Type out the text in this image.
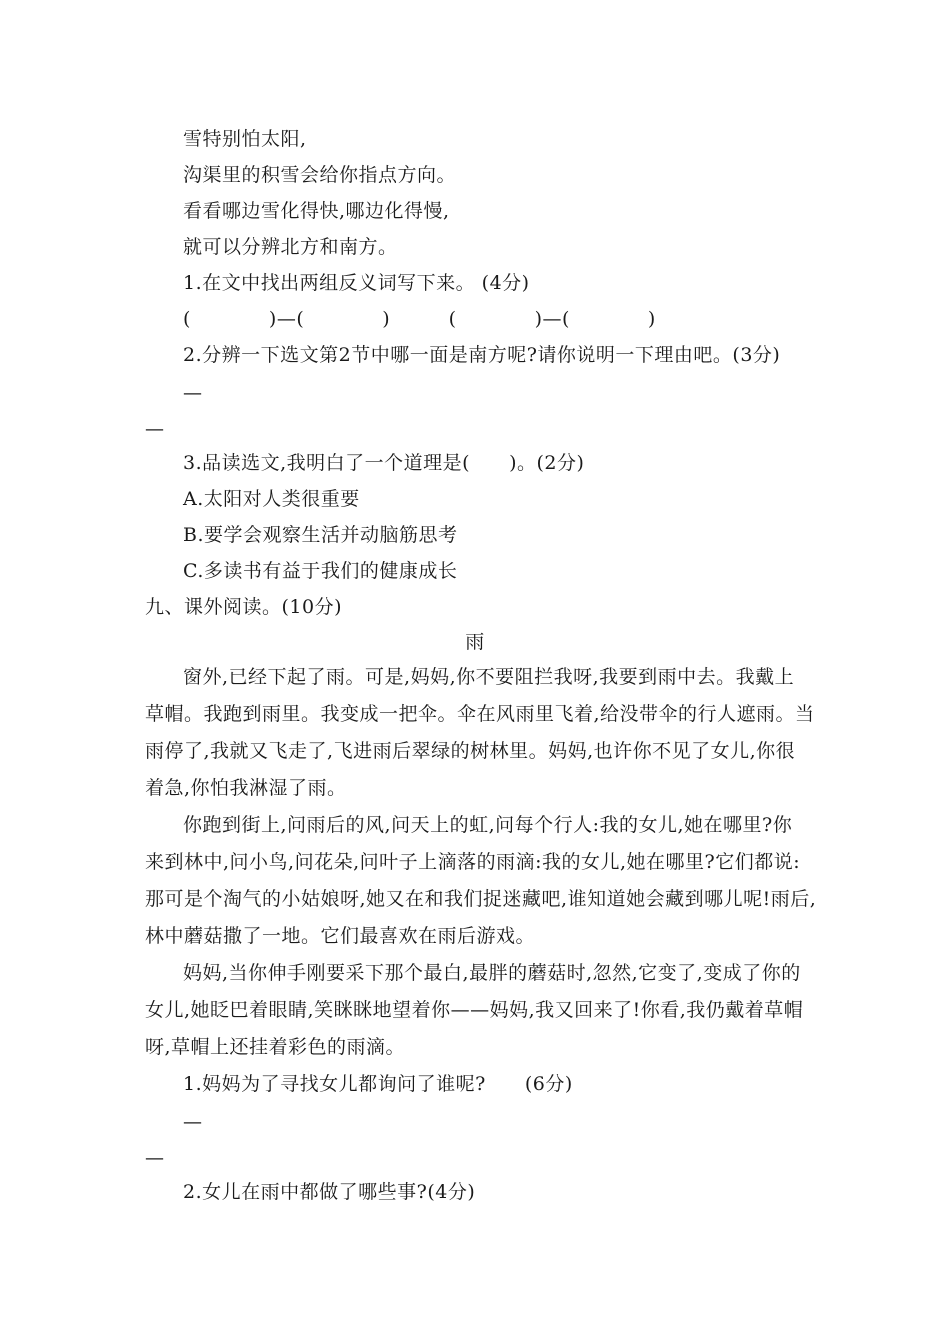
雪特别怕太阳,
沟渠里的积雪会给你指点方向。
看看哪边雪化得快,哪边化得慢,
就可以分辨北方和南方。
1.在文中找出两组反义词写下来。 (4分)
(　　　　)—(　　　　)　　　(　　　　)—(　　　　)
2.分辨一下选文第2节中哪一面是南方呢?请你说明一下理由吧。(3分)
—
—
3.品读选文,我明白了一个道理是(　　)。(2分)
A.太阳对人类很重要
B.要学会观察生活并动脑筋思考
C.多读书有益于我们的健康成长
九、课外阅读。(10分)
雨
窗外,已经下起了雨。可是,妈妈,你不要阻拦我呀,我要到雨中去。我戴上
草帽。我跑到雨里。我变成一把伞。伞在风雨里飞着,给没带伞的行人遮雨。当
雨停了,我就又飞走了,飞进雨后翠绿的树林里。妈妈,也许你不见了女儿,你很
着急,你怕我淋湿了雨。
你跑到街上,问雨后的风,问天上的虹,问每个行人:我的女儿,她在哪里?你
来到林中,问小鸟,问花朵,问叶子上滴落的雨滴:我的女儿,她在哪里?它们都说:
那可是个淘气的小姑娘呀,她又在和我们捉迷藏吧,谁知道她会藏到哪儿呢!雨后,
林中蘑菇撒了一地。它们最喜欢在雨后游戏。
妈妈,当你伸手刚要采下那个最白,最胖的蘑菇时,忽然,它变了,变成了你的
女儿,她眨巴着眼睛,笑眯眯地望着你——妈妈,我又回来了!你看,我仍戴着草帽
呀,草帽上还挂着彩色的雨滴。
1.妈妈为了寻找女儿都询问了谁呢?　　(6分)
—
—
2.女儿在雨中都做了哪些事?(4分)
